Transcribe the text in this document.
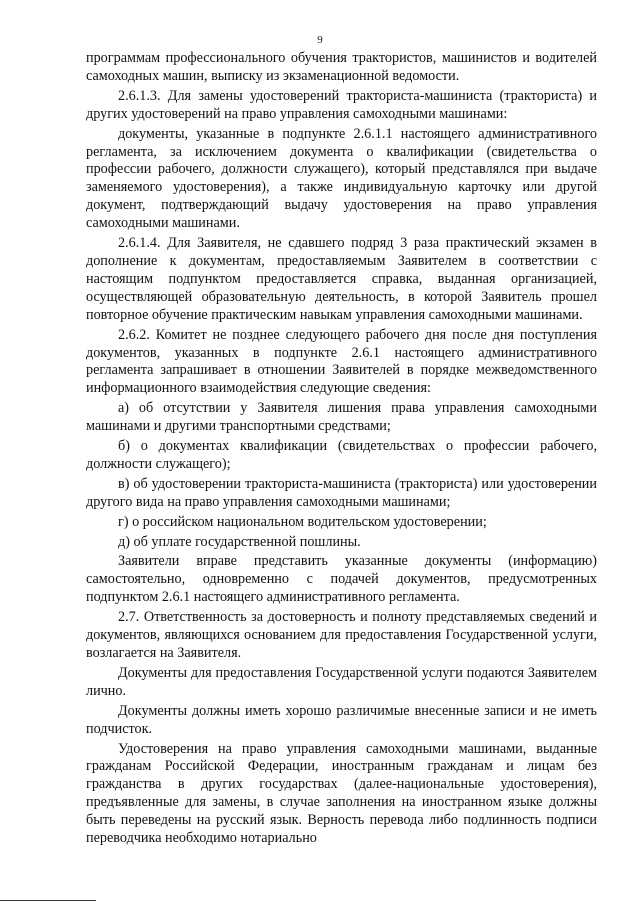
9

программам профессионального обучения трактористов, машинистов и водителей самоходных машин, выписку из экзаменационной ведомости.

2.6.1.3. Для замены удостоверений тракториста-машиниста (тракториста) и других удостоверений на право управления самоходными машинами:

документы, указанные в подпункте 2.6.1.1 настоящего административного регламента, за исключением документа о квалификации (свидетельства о профессии рабочего, должности служащего), который представлялся при выдаче заменяемого удостоверения), а также индивидуальную карточку или другой документ, подтверждающий выдачу удостоверения на право управления самоходными машинами.

2.6.1.4. Для Заявителя, не сдавшего подряд 3 раза практический экзамен в дополнение к документам, предоставляемым Заявителем в соответствии с настоящим подпунктом предоставляется справка, выданная организацией, осуществляющей образовательную деятельность, в которой Заявитель прошел повторное обучение практическим навыкам управления самоходными машинами.

2.6.2. Комитет не позднее следующего рабочего дня после дня поступления документов, указанных в подпункте 2.6.1 настоящего административного регламента запрашивает в отношении Заявителей в порядке межведомственного информационного взаимодействия следующие сведения:

а) об отсутствии у Заявителя лишения права управления самоходными машинами и другими транспортными средствами;

б) о документах квалификации (свидетельствах о профессии рабочего, должности служащего);

в) об удостоверении тракториста-машиниста (тракториста) или удостоверении другого вида на право управления самоходными машинами;

г) о российском национальном водительском удостоверении;

д) об уплате государственной пошлины.

Заявители вправе представить указанные документы (информацию) самостоятельно, одновременно с подачей документов, предусмотренных подпунктом 2.6.1 настоящего административного регламента.

2.7. Ответственность за достоверность и полноту представляемых сведений и документов, являющихся основанием для предоставления Государственной услуги, возлагается на Заявителя.

Документы для предоставления Государственной услуги подаются Заявителем лично.

Документы должны иметь хорошо различимые внесенные записи и не иметь подчисток.

Удостоверения на право управления самоходными машинами, выданные гражданам Российской Федерации, иностранным гражданам и лицам без гражданства в других государствах (далее-национальные удостоверения), предъявленные для замены, в случае заполнения на иностранном языке должны быть переведены на русский язык. Верность перевода либо подлинность подписи переводчика необходимо нотариально
